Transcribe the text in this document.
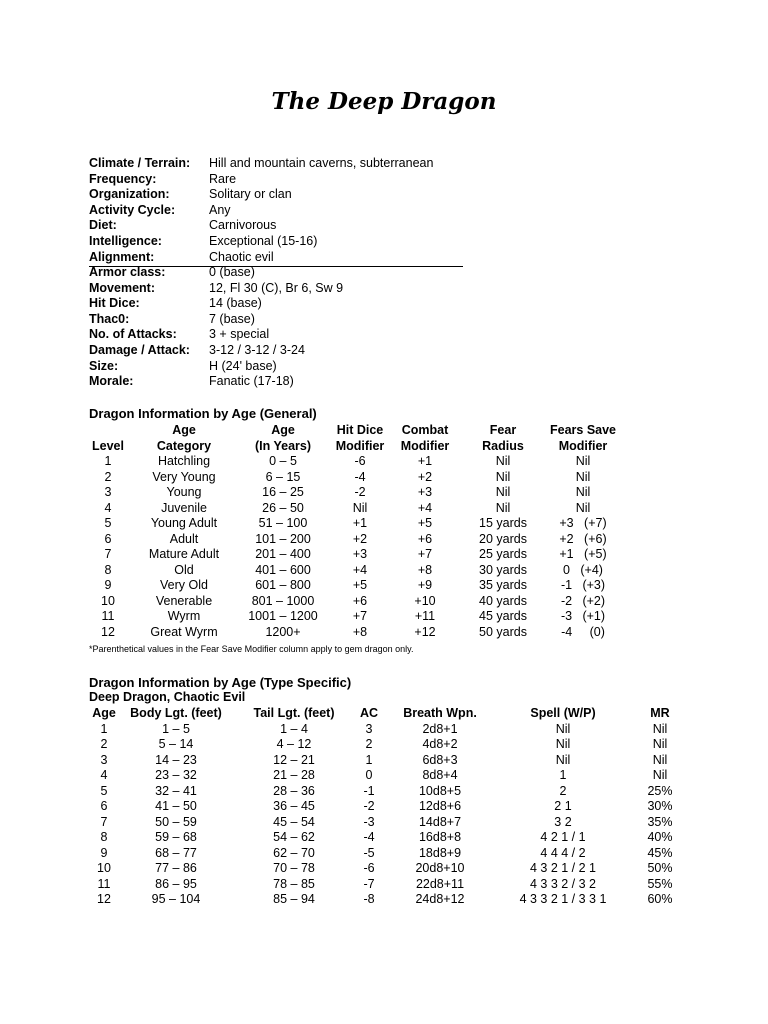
The Deep Dragon
Climate / Terrain: Hill and mountain caverns, subterranean
Frequency:	Rare
Organization:	Solitary or clan
Activity Cycle:	Any
Diet:	Carnivorous
Intelligence:	Exceptional (15-16)
Alignment:	Chaotic evil
Armor class:	0 (base)
Movement:	12, Fl 30 (C), Br 6, Sw 9
Hit Dice:	14 (base)
Thac0:	7 (base)
No. of Attacks:	3 + special
Damage / Attack: 3-12 / 3-12 / 3-24
Size:	H (24' base)
Morale:	Fanatic (17-18)
Dragon Information by Age (General)
Age	Age	Hit Dice	Combat	Fear	Fears Save
Level	Category	(In Years)	Modifier	Modifier	Radius	Modifier
1	Hatchling	0 – 5	-6	+1	Nil	Nil
2	Very Young	6 – 15	-4	+2	Nil	Nil
3	Young	16 – 25	-2	+3	Nil	Nil
4	Juvenile	26 – 50	Nil	+4	Nil	Nil
5	Young Adult	51 – 100	+1	+5	15 yards	+3   (+7)
6	Adult	101 – 200	+2	+6	20 yards	+2   (+6)
7	Mature Adult	201 – 400	+3	+7	25 yards	+1   (+5)
8	Old	401 – 600	+4	+8	30 yards	0   (+4)
9	Very Old	601 – 800	+5	+9	35 yards	-1   (+3)
10	Venerable	801 – 1000	+6	+10	40 yards	-2   (+2)
11	Wyrm	1001 – 1200	+7	+11	45 yards	-3   (+1)
12	Great Wyrm	1200+	+8	+12	50 yards	-4     (0)
*Parenthetical values in the Fear Save Modifier column apply to gem dragon only.
Dragon Information by Age (Type Specific)
Deep Dragon, Chaotic Evil
Age	Body Lgt. (feet)	Tail Lgt. (feet)	AC	Breath Wpn.	Spell (W/P)	MR
1	1 – 5	1 – 4	3	2d8+1	Nil	Nil
2	5 – 14	4 – 12	2	4d8+2	Nil	Nil
3	14 – 23	12 – 21	1	6d8+3	Nil	Nil
4	23 – 32	21 – 28	0	8d8+4	1	Nil
5	32 – 41	28 – 36	-1	10d8+5	2	25%
6	41 – 50	36 – 45	-2	12d8+6	2 1	30%
7	50 – 59	45 – 54	-3	14d8+7	3 2	35%
8	59 – 68	54 – 62	-4	16d8+8	4 2 1 / 1	40%
9	68 – 77	62 – 70	-5	18d8+9	4 4 4 / 2	45%
10	77 – 86	70 – 78	-6	20d8+10	4 3 2 1 / 2 1	50%
11	86 – 95	78 – 85	-7	22d8+11	4 3 3 2 / 3 2	55%
12	95 – 104	85 – 94	-8	24d8+12	4 3 3 2 1 / 3 3 1	60%
